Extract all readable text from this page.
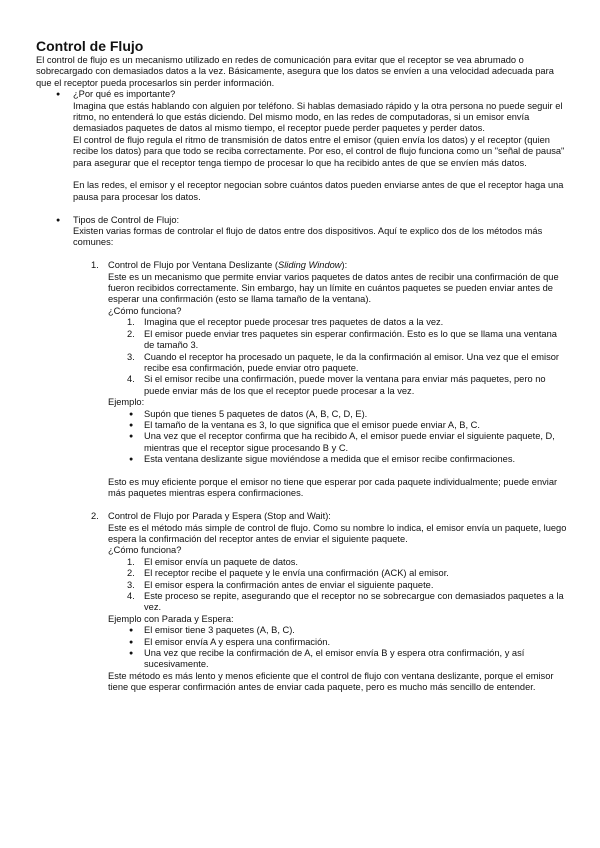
Control de Flujo

El control de flujo es un mecanismo utilizado en redes de comunicación para evitar que el receptor se vea abrumado o sobrecargado con demasiados datos a la vez. Básicamente, asegura que los datos se envíen a una velocidad adecuada para que el receptor pueda procesarlos sin perder información.

● ¿Por qué es importante?

Imagina que estás hablando con alguien por teléfono. Si hablas demasiado rápido y la otra persona no puede seguir el ritmo, no entenderá lo que estás diciendo. Del mismo modo, en las redes de computadoras, si un emisor envía demasiados paquetes de datos al mismo tiempo, el receptor puede perder paquetes y perder datos.

El control de flujo regula el ritmo de transmisión de datos entre el emisor (quien envía los datos) y el receptor (quien recibe los datos) para que todo se reciba correctamente. Por eso, el control de flujo funciona como un "señal de pausa" para asegurar que el receptor tenga tiempo de procesar lo que ha recibido antes de que se envíen más datos.

En las redes, el emisor y el receptor negocian sobre cuántos datos pueden enviarse antes de que el receptor haga una pausa para procesar los datos.

● Tipos de Control de Flujo:

Existen varias formas de controlar el flujo de datos entre dos dispositivos. Aquí te explico dos de los métodos más comunes:

1. Control de Flujo por Ventana Deslizante (Sliding Window):

Este es un mecanismo que permite enviar varios paquetes de datos antes de recibir una confirmación de que fueron recibidos correctamente. Sin embargo, hay un límite en cuántos paquetes se pueden enviar antes de esperar una confirmación (esto se llama tamaño de la ventana).

¿Cómo funciona?

1. Imagina que el receptor puede procesar tres paquetes de datos a la vez.
2. El emisor puede enviar tres paquetes sin esperar confirmación. Esto es lo que se llama una ventana de tamaño 3.
3. Cuando el receptor ha procesado un paquete, le da la confirmación al emisor. Una vez que el emisor recibe esa confirmación, puede enviar otro paquete.
4. Si el emisor recibe una confirmación, puede mover la ventana para enviar más paquetes, pero no puede enviar más de los que el receptor puede procesar a la vez.

Ejemplo:

● Supón que tienes 5 paquetes de datos (A, B, C, D, E).
● El tamaño de la ventana es 3, lo que significa que el emisor puede enviar A, B, C.
● Una vez que el receptor confirma que ha recibido A, el emisor puede enviar el siguiente paquete, D, mientras que el receptor sigue procesando B y C.
● Esta ventana deslizante sigue moviéndose a medida que el emisor recibe confirmaciones.

Esto es muy eficiente porque el emisor no tiene que esperar por cada paquete individualmente; puede enviar más paquetes mientras espera confirmaciones.

2. Control de Flujo por Parada y Espera (Stop and Wait):

Este es el método más simple de control de flujo. Como su nombre lo indica, el emisor envía un paquete, luego espera la confirmación del receptor antes de enviar el siguiente paquete.

¿Cómo funciona?

1. El emisor envía un paquete de datos.
2. El receptor recibe el paquete y le envía una confirmación (ACK) al emisor.
3. El emisor espera la confirmación antes de enviar el siguiente paquete.
4. Este proceso se repite, asegurando que el receptor no se sobrecargue con demasiados paquetes a la vez.

Ejemplo con Parada y Espera:

● El emisor tiene 3 paquetes (A, B, C).
● El emisor envía A y espera una confirmación.
● Una vez que recibe la confirmación de A, el emisor envía B y espera otra confirmación, y así sucesivamente.

Este método es más lento y menos eficiente que el control de flujo con ventana deslizante, porque el emisor tiene que esperar confirmación antes de enviar cada paquete, pero es mucho más sencillo de entender.
